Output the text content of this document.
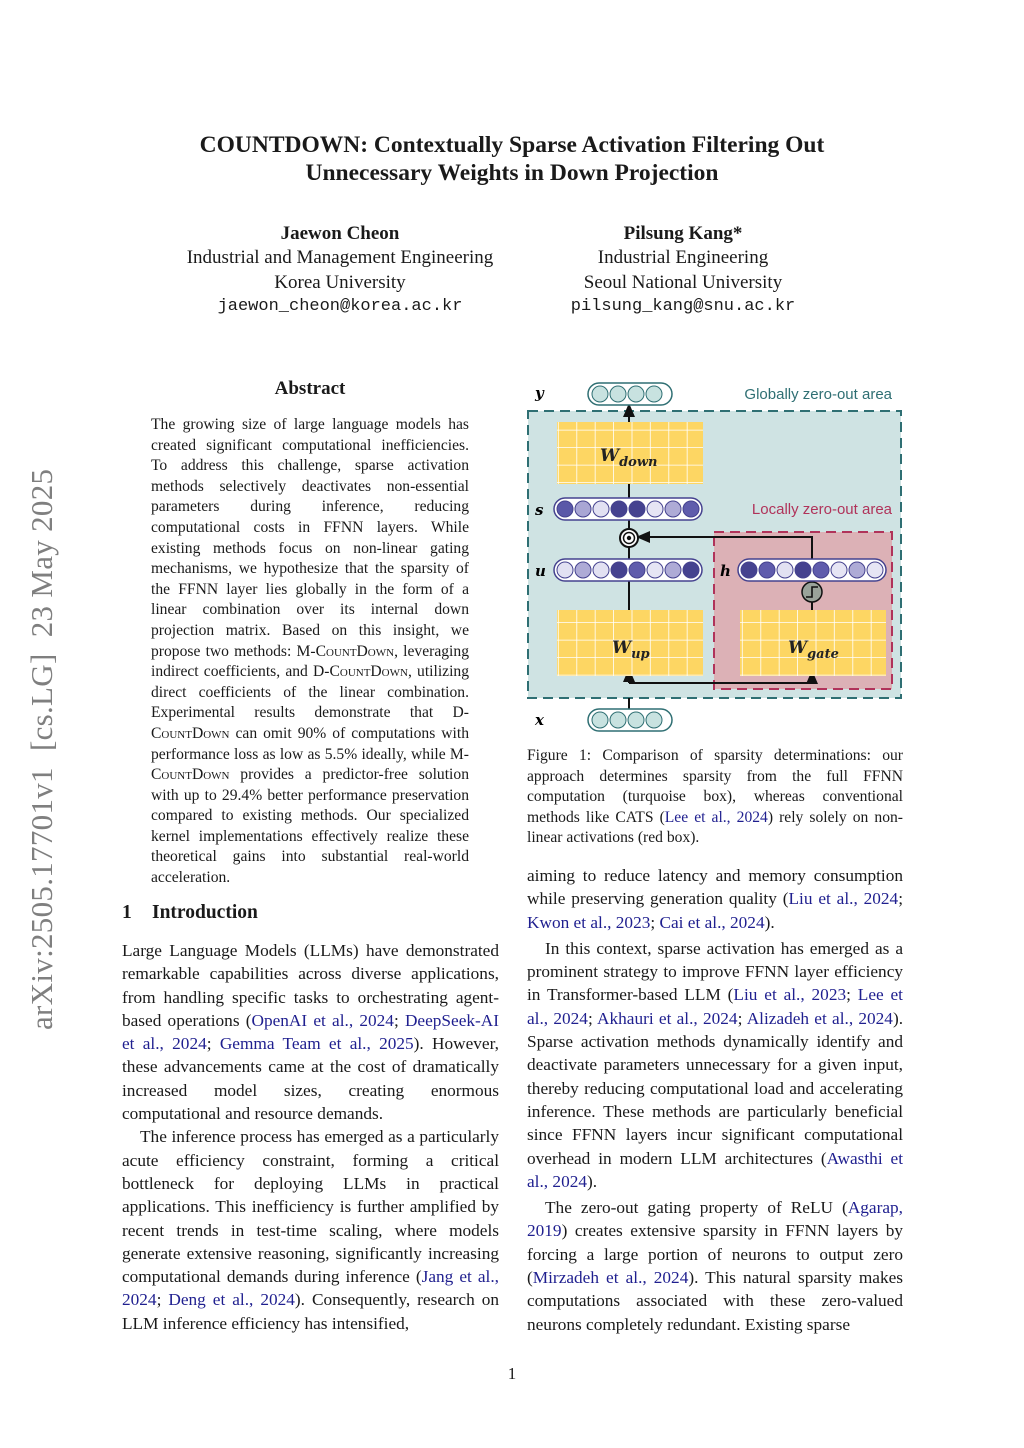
COUNTDOWN: Contextually Sparse Activation Filtering Out
Unnecessary Weights in Down Projection
Jaewon Cheon
Industrial and Management Engineering
Korea University
jaewon_cheon@korea.ac.kr
Pilsung Kang*
Industrial Engineering
Seoul National University
pilsung_kang@snu.ac.kr
arXiv:2505.17701v1  [cs.LG]  23 May 2025
Abstract

The growing size of large language models has created significant computational inefficiencies. To address this challenge, sparse activation methods selectively deactivates non-essential parameters during inference, reducing computational costs in FFNN layers. While existing methods focus on non-linear gating mechanisms, we hypothesize that the sparsity of the FFNN layer lies globally in the form of a linear combination over its internal down projection matrix. Based on this insight, we propose two methods: M-CountDown, leveraging indirect coefficients, and D-CountDown, utilizing direct coefficients of the linear combination. Experimental results demonstrate that D-CountDown can omit 90% of computations with performance loss as low as 5.5% ideally, while M-CountDown provides a predictor-free solution with up to 29.4% better performance preservation compared to existing methods. Our specialized kernel implementations effectively realize these theoretical gains into substantial real-world acceleration.

1 Introduction

Large Language Models (LLMs) have demonstrated remarkable capabilities across diverse applications, from handling specific tasks to orchestrating agent-based operations (OpenAI et al., 2024; DeepSeek-AI et al., 2024; Gemma Team et al., 2025). However, these advancements came at the cost of dramatically increased model sizes, creating enormous computational and resource demands.

The inference process has emerged as a particularly acute efficiency constraint, forming a critical bottleneck for deploying LLMs in practical applications. This inefficiency is further amplified by recent trends in test-time scaling, where models generate extensive reasoning, significantly increasing computational demands during inference (Jang et al., 2024; Deng et al., 2024). Consequently, research on LLM inference efficiency has intensified,

Globally zero-out area
Locally zero-out area
$W_{down}$
$W_{up}$	$W_{gate}$
y
s
u	h
x
Figure 1: Comparison of sparsity determinations: our approach determines sparsity from the full FFNN computation (turquoise box), whereas conventional methods like CATS (Lee et al., 2024) rely solely on non-linear activations (red box).

aiming to reduce latency and memory consumption while preserving generation quality (Liu et al., 2024; Kwon et al., 2023; Cai et al., 2024).

In this context, sparse activation has emerged as a prominent strategy to improve FFNN layer efficiency in Transformer-based LLM (Liu et al., 2023; Lee et al., 2024; Akhauri et al., 2024; Alizadeh et al., 2024). Sparse activation methods dynamically identify and deactivate parameters unnecessary for a given input, thereby reducing computational load and accelerating inference. These methods are particularly beneficial since FFNN layers incur significant computational overhead in modern LLM architectures (Awasthi et al., 2024).

The zero-out gating property of ReLU (Agarap, 2019) creates extensive sparsity in FFNN layers by forcing a large portion of neurons to output zero (Mirzadeh et al., 2024). This natural sparsity makes computations associated with these zero-valued neurons completely redundant. Existing sparse

1
